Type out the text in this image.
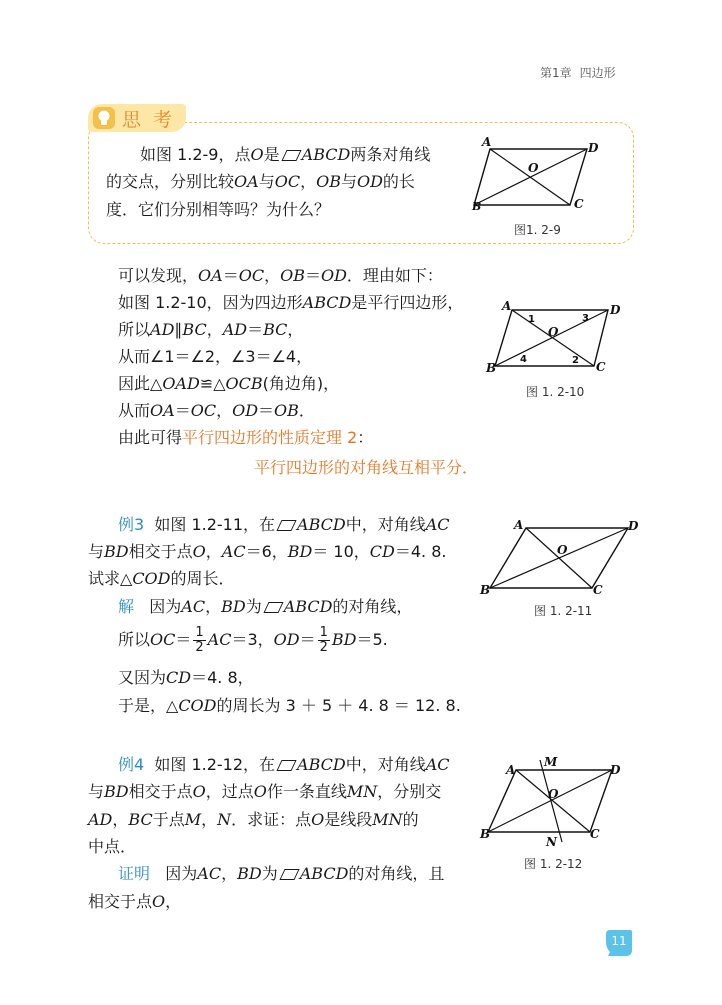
第1章 四边形
思考
如图 1.2-9，点O是 ABCD两条对角线
的交点，分别比较OA与OC，OB与OD的长
度．它们分别相等吗？为什么？
A	D
B	C
O
图1. 2-9
可以发现，OA＝OC，OB＝OD．理由如下：
如图 1.2-10，因为四边形ABCD是平行四边形，
所以AD∥BC，AD＝BC，
从而∠1＝∠2，∠3＝∠4，
因此△OAD≌△OCB(角边角)，
从而OA＝OC，OD＝OB．
由此可得平行四边形的性质定理 2：
平行四边形的对角线互相平分．
A	D
B	C
O
1	3
4	2
图 1. 2-10
例3 如图 1.2-11，在 ABCD中，对角线AC
与BD相交于点O，AC＝6，BD＝ 10，CD＝4. 8.
试求△COD的周长．
解 因为AC，BD为 ABCD的对角线，
所以$OC= \frac{1}{2} AC=3$，$OD= \frac{1}{2} BD=5$.
又因为CD＝4. 8，
于是，△COD的周长为 3 ＋ 5 ＋ 4. 8 ＝ 12. 8.
A	D
B	C
O
图 1. 2-11
例4 如图 1.2-12，在 ABCD中，对角线AC
与BD相交于点O，过点O作一条直线MN，分别交
AD，BC于点M，N．求证：点O是线段MN的
中点．
证明 因为AC，BD为 ABCD的对角线，且
相交于点O，
A	D
B	C
M
N
O
图 1. 2-12
11
